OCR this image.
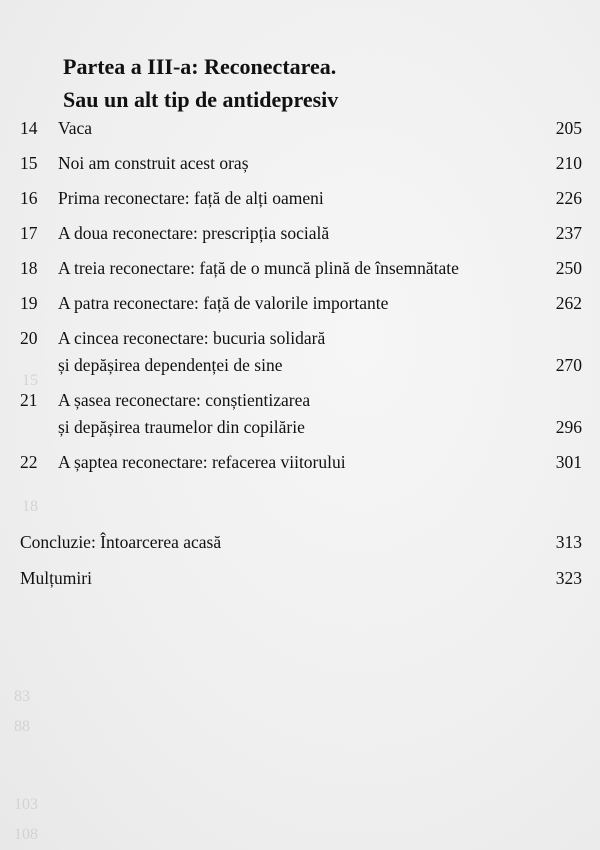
15
18
83
88
103
108
Partea a III-a: Reconectarea.
Sau un alt tip de antidepresiv
14	Vaca	205
15	Noi am construit acest oraș	210
16	Prima reconectare: față de alți oameni	226
17	A doua reconectare: prescripția socială	237
18	A treia reconectare: față de o muncă plină de însemnătate	250
19	A patra reconectare: față de valorile importante	262
20	A cincea reconectare: bucuria solidară
și depășirea dependenței de sine	270
21	A șasea reconectare: conștientizarea
și depășirea traumelor din copilărie	296
22	A șaptea reconectare: refacerea viitorului	301
Concluzie: Întoarcerea acasă	313
Mulțumiri	323
